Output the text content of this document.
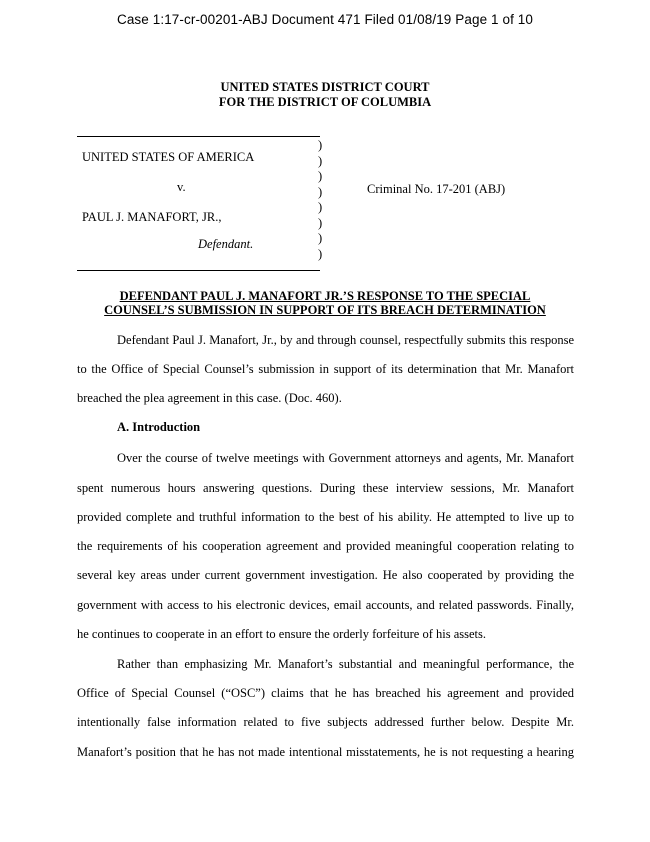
Case 1:17-cr-00201-ABJ Document 471 Filed 01/08/19 Page 1 of 10
UNITED STATES DISTRICT COURT
FOR THE DISTRICT OF COLUMBIA
UNITED STATES OF AMERICA
v.
PAUL J. MANAFORT, JR.,
Defendant.
Criminal No. 17-201 (ABJ)
)
)
)
)
)
)
)
)
DEFENDANT PAUL J. MANAFORT JR.’S RESPONSE TO THE SPECIAL
COUNSEL’S SUBMISSION IN SUPPORT OF ITS BREACH DETERMINATION
Defendant Paul J. Manafort, Jr., by and through counsel, respectfully submits this response
to the Office of Special Counsel’s submission in support of its determination that Mr. Manafort
breached the plea agreement in this case. (Doc. 460).
A. Introduction
Over the course of twelve meetings with Government attorneys and agents, Mr. Manafort
spent numerous hours answering questions. During these interview sessions, Mr. Manafort
provided complete and truthful information to the best of his ability. He attempted to live up to
the requirements of his cooperation agreement and provided meaningful cooperation relating to
several key areas under current government investigation. He also cooperated by providing the
government with access to his electronic devices, email accounts, and related passwords. Finally,
he continues to cooperate in an effort to ensure the orderly forfeiture of his assets.
Rather than emphasizing Mr. Manafort’s substantial and meaningful performance, the
Office of Special Counsel (“OSC”) claims that he has breached his agreement and provided
intentionally false information related to five subjects addressed further below. Despite Mr.
Manafort’s position that he has not made intentional misstatements, he is not requesting a hearing
